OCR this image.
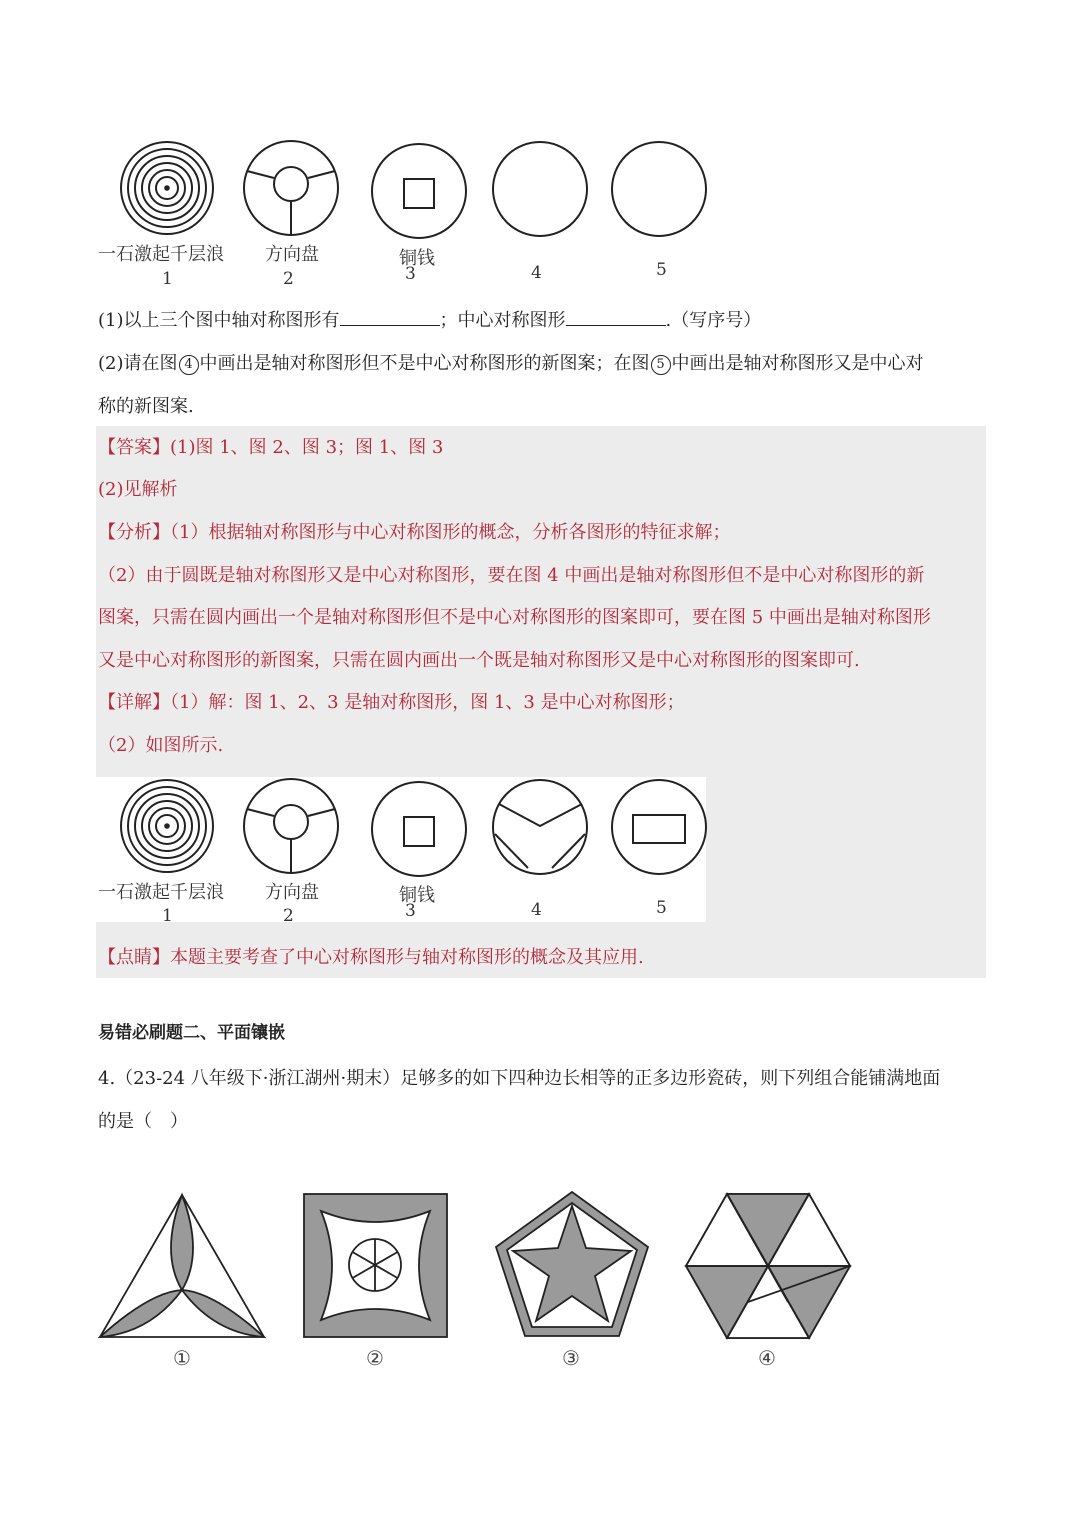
一石激起千层浪 方向盘	铜钱
1	2	3	4	5
(1)以上三个图中轴对称图形有	；中心对称图形	.（写序号）
(2)请在图 4 中画出是轴对称图形但不是中心对称图形的新图案；在图 5 中画出是轴对称图形又是中心对
称的新图案.
【答案】(1)图 1、图 2、图 3；图 1、图 3
(2)见解析
【分析】（1）根据轴对称图形与中心对称图形的概念，分析各图形的特征求解；
（2）由于圆既是轴对称图形又是中心对称图形，要在图 4 中画出是轴对称图形但不是中心对称图形的新
图案，只需在圆内画出一个是轴对称图形但不是中心对称图形的图案即可，要在图 5 中画出是轴对称图形
又是中心对称图形的新图案，只需在圆内画出一个既是轴对称图形又是中心对称图形的图案即可.
【详解】（1）解：图 1、2、3 是轴对称图形，图 1、3 是中心对称图形；
（2）如图所示.
一石激起千层浪 方向盘	铜钱
1	2	3	4	5
【点睛】本题主要考查了中心对称图形与轴对称图形的概念及其应用.
易错必刷题二、平面镶嵌
4.（23-24 八年级下·浙江湖州·期末）足够多的如下四种边长相等的正多边形瓷砖，则下列组合能铺满地面
的是（　）
①	②	③	④
